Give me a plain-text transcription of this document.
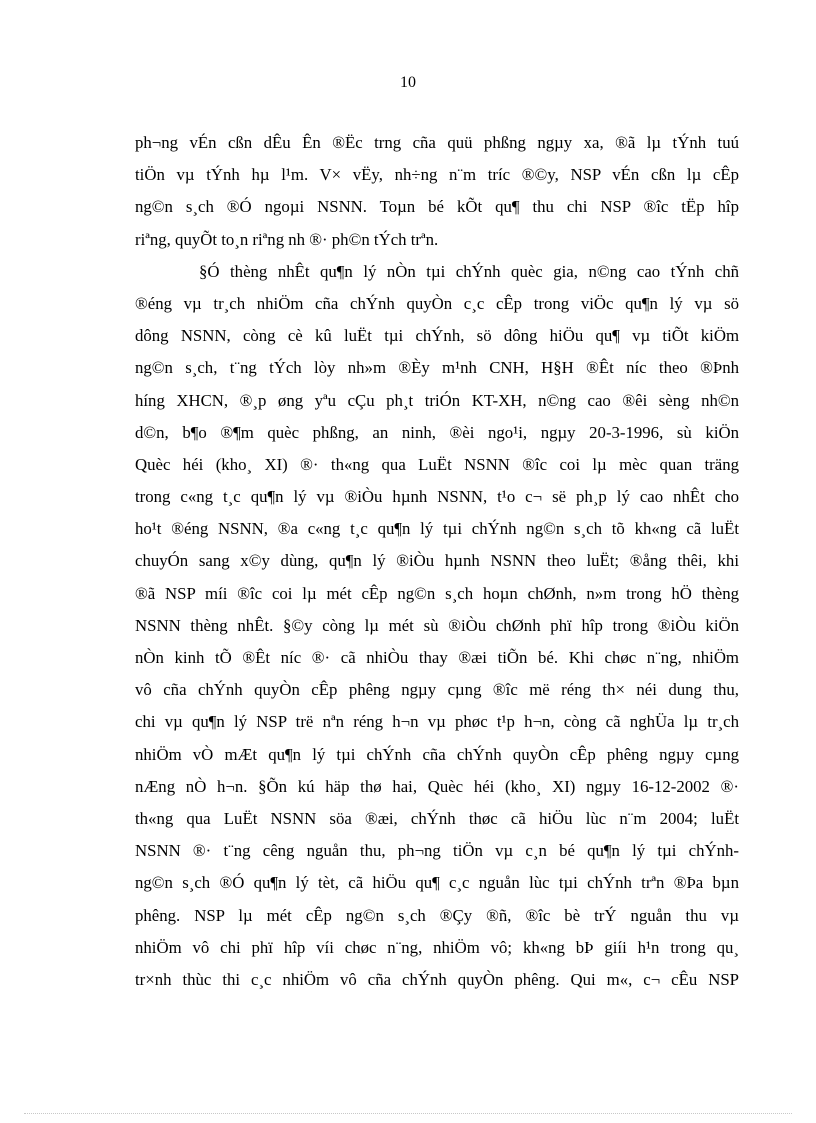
10
ph¬ng vÉn cßn dÊu Ên ®Ëc trng cña quü phßng ngµy xa, ®ã lµ tÝnh tuú
tiÖn vµ tÝnh hµ l¹m. V× vËy, nh÷ng n¨m tríc ®©y, NSP vÉn cßn lµ cÊp
ng©n s¸ch ®Ó ngoµi NSNN. Toµn bé kÕt qu¶ thu chi NSP ®îc tËp hîp
riªng, quyÕt to¸n riªng nh ®· ph©n tÝch trªn.
§Ó thèng nhÊt qu¶n lý nÒn tµi chÝnh quèc gia, n©ng cao tÝnh chñ
®éng vµ tr¸ch nhiÖm cña chÝnh quyÒn c¸c cÊp trong viÖc qu¶n lý vµ sö
dông NSNN, còng cè kû luËt tµi chÝnh, sö dông hiÖu qu¶ vµ tiÕt kiÖm
ng©n s¸ch, t¨ng tÝch lòy nh»m ®Èy m¹nh CNH, H§H ®Êt níc theo ®Þnh
híng XHCN, ®¸p øng yªu cÇu ph¸t triÓn KT-XH, n©ng cao ®êi sèng nh©n
d©n, b¶o ®¶m quèc phßng, an ninh, ®èi ngo¹i, ngµy 20-3-1996, sù kiÖn
Quèc héi (kho¸ XI) ®· th«ng qua LuËt NSNN ®îc coi lµ mèc quan träng
trong c«ng t¸c qu¶n lý vµ ®iÒu hµnh NSNN, t¹o c¬ së ph¸p lý cao nhÊt cho
ho¹t ®éng NSNN, ®a c«ng t¸c qu¶n lý tµi chÝnh ng©n s¸ch tõ kh«ng cã luËt
chuyÓn sang x©y dùng, qu¶n lý ®iÒu hµnh NSNN theo luËt; ®ång thêi, khi
®ã NSP míi ®îc coi lµ mét cÊp ng©n s¸ch hoµn chØnh, n»m trong hÖ thèng
NSNN thèng nhÊt. §©y còng lµ mét sù ®iÒu chØnh phï hîp trong ®iÒu kiÖn
nÒn kinh tÕ ®Êt níc ®· cã nhiÒu thay ®æi tiÕn bé. Khi chøc n¨ng, nhiÖm
vô cña chÝnh quyÒn cÊp phêng ngµy cµng ®îc më réng th× néi dung thu,
chi vµ qu¶n lý NSP trë nªn réng h¬n vµ phøc t¹p h¬n, còng cã nghÜa lµ tr¸ch
nhiÖm vÒ mÆt qu¶n lý tµi chÝnh cña chÝnh quyÒn cÊp phêng ngµy cµng
nÆng nÒ h¬n. §Õn kú häp thø hai, Quèc héi (kho¸ XI) ngµy 16-12-2002 ®·
th«ng qua LuËt NSNN söa ®æi, chÝnh thøc cã hiÖu lùc n¨m 2004; luËt
NSNN ®· t¨ng cêng nguån thu, ph¬ng tiÖn vµ c¸n bé qu¶n lý tµi chÝnh-
ng©n s¸ch ®Ó qu¶n lý tèt, cã hiÖu qu¶ c¸c nguån lùc tµi chÝnh trªn ®Þa bµn
phêng. NSP lµ mét cÊp ng©n s¸ch ®Çy ®ñ, ®îc bè trÝ nguån thu vµ
nhiÖm vô chi phï hîp víi chøc n¨ng, nhiÖm vô; kh«ng bÞ giíi h¹n trong qu¸
tr×nh thùc thi c¸c nhiÖm vô cña chÝnh quyÒn phêng. Qui m«, c¬ cÊu NSP
